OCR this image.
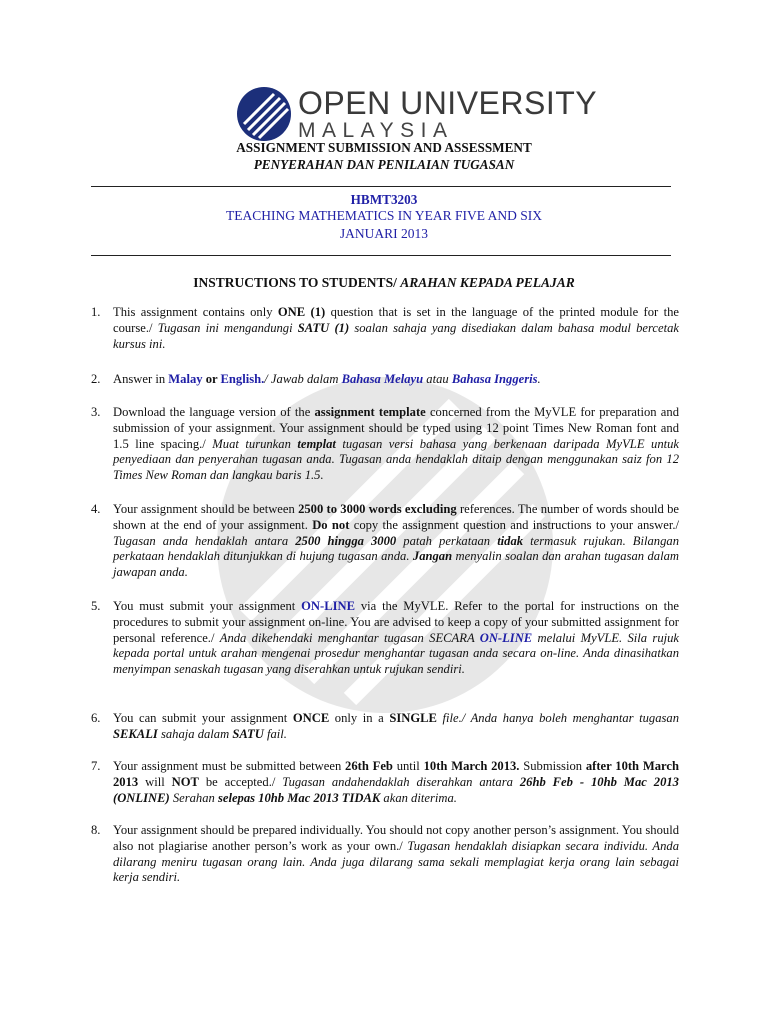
OPEN UNIVERSITY
MALAYSIA
ASSIGNMENT SUBMISSION AND ASSESSMENT
PENYERAHAN DAN PENILAIAN TUGASAN
HBMT3203
TEACHING MATHEMATICS IN YEAR FIVE AND SIX
JANUARI 2013
INSTRUCTIONS TO STUDENTS/ ARAHAN KEPADA PELAJAR
1. This assignment contains only ONE (1) question that is set in the language of the printed module for the course./ Tugasan ini mengandungi SATU (1) soalan sahaja yang disediakan dalam bahasa modul bercetak kursus ini.
2. Answer in Malay or English./ Jawab dalam Bahasa Melayu atau Bahasa Inggeris.
3. Download the language version of the assignment template concerned from the MyVLE for preparation and submission of your assignment. Your assignment should be typed using 12 point Times New Roman font and 1.5 line spacing./ Muat turunkan templat tugasan versi bahasa yang berkenaan daripada MyVLE untuk penyediaan dan penyerahan tugasan anda. Tugasan anda hendaklah ditaip dengan menggunakan saiz fon 12 Times New Roman dan langkau baris 1.5.
4. Your assignment should be between 2500 to 3000 words excluding references. The number of words should be shown at the end of your assignment. Do not copy the assignment question and instructions to your answer./ Tugasan anda hendaklah antara 2500 hingga 3000 patah perkataan tidak termasuk rujukan. Bilangan perkataan hendaklah ditunjukkan di hujung tugasan anda. Jangan menyalin soalan dan arahan tugasan dalam jawapan anda.
5. You must submit your assignment ON-LINE via the MyVLE. Refer to the portal for instructions on the procedures to submit your assignment on-line. You are advised to keep a copy of your submitted assignment for personal reference./ Anda dikehendaki menghantar tugasan SECARA ON-LINE melalui MyVLE. Sila rujuk kepada portal untuk arahan mengenai prosedur menghantar tugasan anda secara on-line. Anda dinasihatkan menyimpan senaskah tugasan yang diserahkan untuk rujukan sendiri.
6. You can submit your assignment ONCE only in a SINGLE file./ Anda hanya boleh menghantar tugasan SEKALI sahaja dalam SATU fail.
7. Your assignment must be submitted between 26th Feb until 10th March 2013. Submission after 10th March 2013 will NOT be accepted./ Tugasan andahendaklah diserahkan antara 26hb Feb - 10hb Mac 2013 (ONLINE) Serahan selepas 10hb Mac 2013 TIDAK akan diterima.
8. Your assignment should be prepared individually. You should not copy another person’s assignment. You should also not plagiarise another person’s work as your own./ Tugasan hendaklah disiapkan secara individu. Anda dilarang meniru tugasan orang lain. Anda juga dilarang sama sekali memplagiat kerja orang lain sebagai kerja sendiri.
